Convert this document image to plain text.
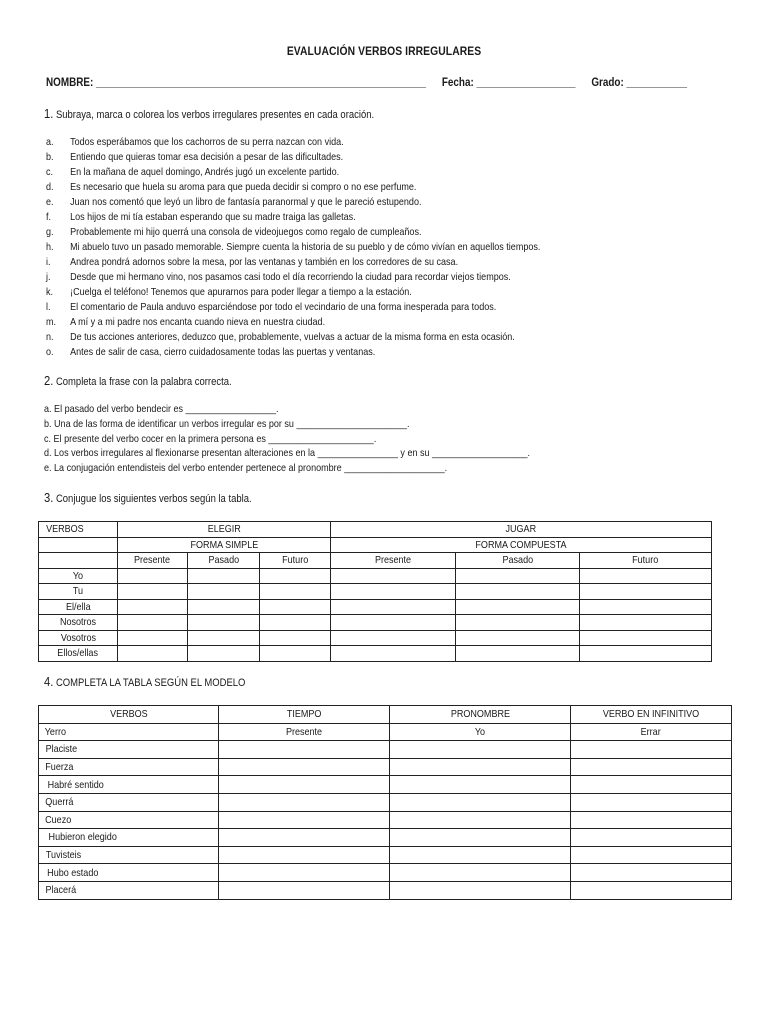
EVALUACIÓN VERBOS IRREGULARES
NOMBRE: ____________________________________________________________ Fecha: __________________ Grado: ___________
1. Subraya, marca o colorea los verbos irregulares presentes en cada oración.
a. Todos esperábamos que los cachorros de su perra nazcan con vida.
b. Entiendo que quieras tomar esa decisión a pesar de las dificultades.
c. En la mañana de aquel domingo, Andrés jugó un excelente partido.
d. Es necesario que huela su aroma para que pueda decidir si compro o no ese perfume.
e. Juan nos comentó que leyó un libro de fantasía paranormal y que le pareció estupendo.
f. Los hijos de mi tía estaban esperando que su madre traiga las galletas.
g. Probablemente mi hijo querrá una consola de videojuegos como regalo de cumpleaños.
h. Mi abuelo tuvo un pasado memorable. Siempre cuenta la historia de su pueblo y de cómo vivían en aquellos tiempos.
i. Andrea pondrá adornos sobre la mesa, por las ventanas y también en los corredores de su casa.
j. Desde que mi hermano vino, nos pasamos casi todo el día recorriendo la ciudad para recordar viejos tiempos.
k. ¡Cuelga el teléfono! Tenemos que apurarnos para poder llegar a tiempo a la estación.
l. El comentario de Paula anduvo esparciéndose por todo el vecindario de una forma inesperada para todos.
m. A mí y a mi padre nos encanta cuando nieva en nuestra ciudad.
n. De tus acciones anteriores, deduzco que, probablemente, vuelvas a actuar de la misma forma en esta ocasión.
o. Antes de salir de casa, cierro cuidadosamente todas las puertas y ventanas.
2. Completa la frase con la palabra correcta.
a. El pasado del verbo bendecir es __________________.
b. Una de las forma de identificar un verbos irregular es por su ______________________.
c. El presente del verbo cocer en la primera persona es _____________________.
d. Los verbos irregulares al flexionarse presentan alteraciones en la ________________ y en su ___________________.
e. La conjugación entendisteis del verbo entender pertenece al pronombre ____________________.
3. Conjugue los siguientes verbos según la tabla.
VERBOS	ELEGIR			JUGAR		
	FORMA SIMPLE			FORMA COMPUESTA		
	Presente	Pasado	Futuro	Presente	Pasado	Futuro
Yo						
Tu						
El/ella						
Nosotros						
Vosotros						
Ellos/ellas						
4. COMPLETA LA TABLA SEGÚN EL MODELO
VERBOS	TIEMPO	PRONOMBRE	VERBO EN INFINITIVO
Yerro	Presente	Yo	Errar
Placiste			
Fuerza			
Habré sentido			
Querrá			
Cuezo			
Hubieron elegido			
Tuvisteis			
Hubo estado			
Placerá			
